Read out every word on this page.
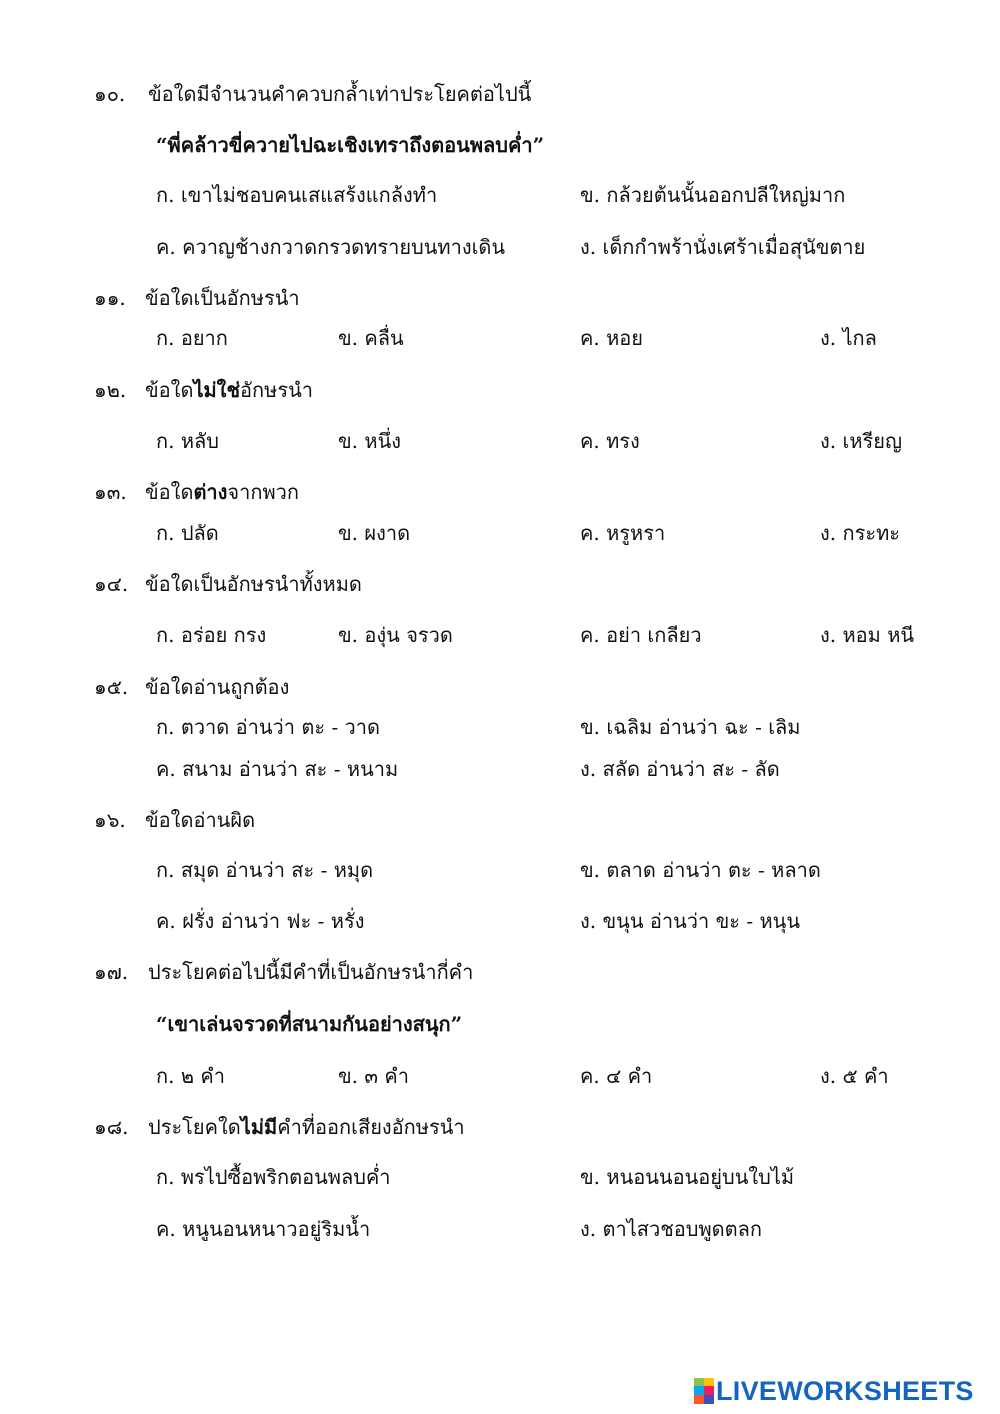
๑๐. ข้อใดมีจำนวนคำควบกล้ำเท่าประโยคต่อไปนี้
“พี่คล้าวขี่ควายไปฉะเชิงเทราถึงตอนพลบค่ำ”
ก. เขาไม่ชอบคนเสแสร้งแกล้งทำ	ข. กล้วยต้นนั้นออกปลีใหญ่มาก
ค. ควาญช้างกวาดกรวดทรายบนทางเดิน	ง. เด็กกำพร้านั่งเศร้าเมื่อสุนัขตาย
๑๑. ข้อใดเป็นอักษรนำ
ก. อยาก	ข. คลื่น	ค. หอย	ง. ไกล
๑๒. ข้อใดไม่ใช่อักษรนำ
ก. หลับ	ข. หนึ่ง	ค. ทรง	ง. เหรียญ
๑๓. ข้อใดต่างจากพวก
ก. ปลัด	ข. ผงาด	ค. หรูหรา	ง. กระทะ
๑๔. ข้อใดเป็นอักษรนำทั้งหมด
ก. อร่อย กรง	ข. องุ่น จรวด	ค. อย่า เกลียว	ง. หอม หนี
๑๕. ข้อใดอ่านถูกต้อง
ก. ตวาด อ่านว่า ตะ - วาด	ข. เฉลิม อ่านว่า ฉะ - เลิม
ค. สนาม อ่านว่า สะ - หนาม	ง. สลัด อ่านว่า สะ - ลัด
๑๖. ข้อใดอ่านผิด
ก. สมุด อ่านว่า สะ - หมุด	ข. ตลาด อ่านว่า ตะ - หลาด
ค. ฝรั่ง อ่านว่า ฟะ - หรั่ง	ง. ขนุน อ่านว่า ขะ - หนุน
๑๗. ประโยคต่อไปนี้มีคำที่เป็นอักษรนำกี่คำ
“เขาเล่นจรวดที่สนามกันอย่างสนุก”
ก. ๒ คำ	ข. ๓ คำ	ค. ๔ คำ	ง. ๕ คำ
๑๘. ประโยคใดไม่มีคำที่ออกเสียงอักษรนำ
ก. พรไปซื้อพริกตอนพลบค่ำ	ข. หนอนนอนอยู่บนใบไม้
ค. หนูนอนหนาวอยู่ริมน้ำ	ง. ตาไสวชอบพูดตลก
LIVEWORKSHEETS
